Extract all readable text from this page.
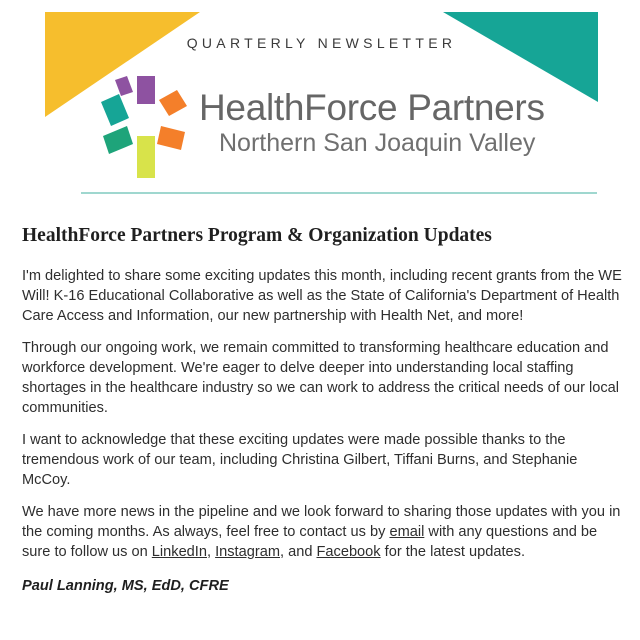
QUARTERLY NEWSLETTER
HealthForce Partners
Northern San Joaquin Valley
HealthForce Partners Program & Organization Updates

I'm delighted to share some exciting updates this month, including recent grants from the WE Will! K-16 Educational Collaborative as well as the State of California's Department of Health Care Access and Information, our new partnership with Health Net, and more!

Through our ongoing work, we remain committed to transforming healthcare education and workforce development. We're eager to delve deeper into understanding local staffing shortages in the healthcare industry so we can work to address the critical needs of our local communities.

I want to acknowledge that these exciting updates were made possible thanks to the tremendous work of our team, including Christina Gilbert, Tiffani Burns, and Stephanie McCoy.

We have more news in the pipeline and we look forward to sharing those updates with you in the coming months. As always, feel free to contact us by email with any questions and be sure to follow us on LinkedIn, Instagram, and Facebook for the latest updates.

Paul Lanning, MS, EdD, CFRE
